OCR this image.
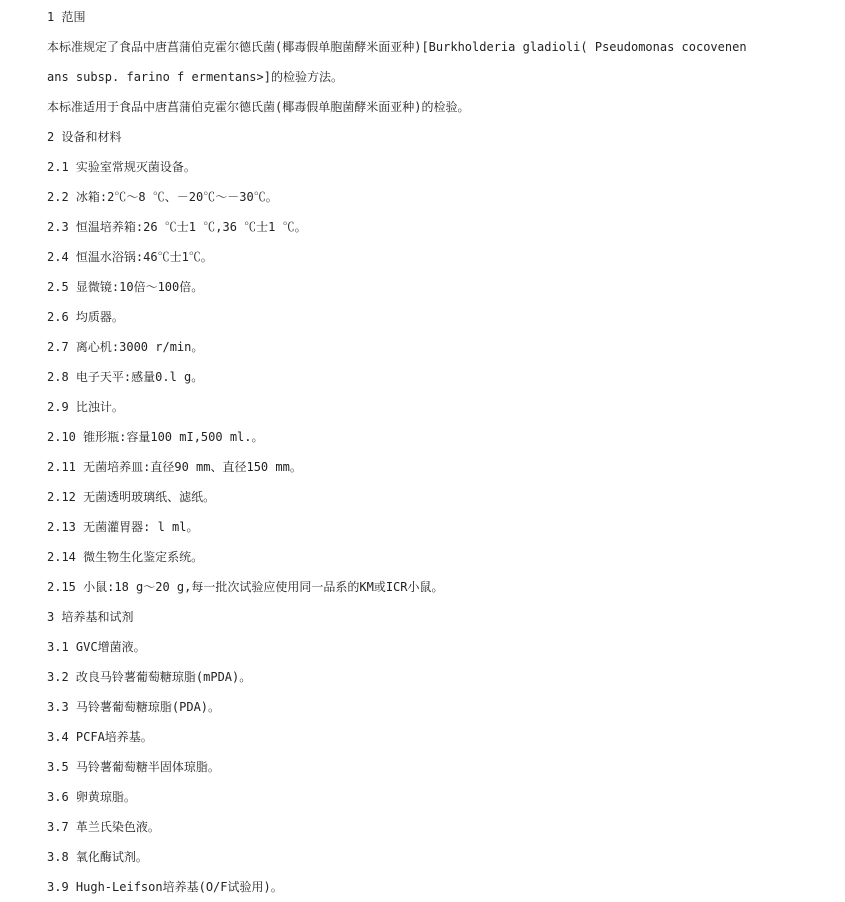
1 范围
本标准规定了食品中唐菖蒲伯克霍尔德氏菌(椰毒假单胞菌酵米面亚种)[Burkholderia gladioli( Pseudomonas cocovenen
ans subsp. farino f ermentans>]的检验方法。
本标准适用于食品中唐菖蒲伯克霍尔德氏菌(椰毒假单胞菌酵米面亚种)的检验。
2 设备和材料
2.1 实验室常规灭菌设备。
2.2 冰箱:2℃～8 ℃、－20℃～－30℃。
2.3 恒温培养箱:26 ℃士1 ℃,36 ℃士1 ℃。
2.4 恒温水浴锅:46℃士1℃。
2.5 显微镜:10倍～100倍。
2.6 均质器。
2.7 离心机:3000 r/min。
2.8 电子天平:感量0.l g。
2.9 比浊计。
2.10 锥形瓶:容量100 mI,500 ml.。
2.11 无菌培养皿:直径90 mm、直径150 mm。
2.12 无菌透明玻璃纸、滤纸。
2.13 无菌灌胃器: l ml。
2.14 微生物生化鉴定系统。
2.15 小鼠:18 g～20 g,每一批次试验应使用同一品系的KM或ICR小鼠。
3 培养基和试剂
3.1 GVC增菌液。
3.2 改良马铃薯葡萄糖琼脂(mPDA)。
3.3 马铃薯葡萄糖琼脂(PDA)。
3.4 PCFA培养基。
3.5 马铃薯葡萄糖半固体琼脂。
3.6 卵黄琼脂。
3.7 革兰氏染色液。
3.8 氧化酶试剂。
3.9 Hugh-Leifson培养基(O/F试验用)。
